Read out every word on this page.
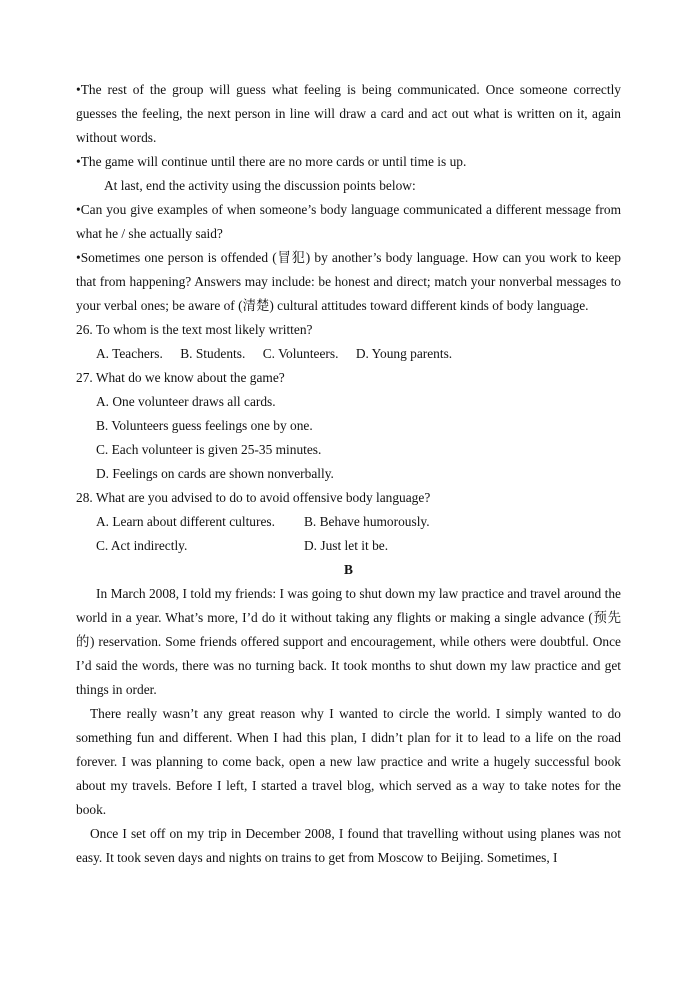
•The rest of the group will guess what feeling is being communicated. Once someone correctly guesses the feeling, the next person in line will draw a card and act out what is written on it, again without words.

•The game will continue until there are no more cards or until time is up.

At last, end the activity using the discussion points below:

•Can you give examples of when someone’s body language communicated a different message from what he / she actually said?

•Sometimes one person is offended (冒犯) by another’s body language. How can you work to keep that from happening? Answers may include: be honest and direct; match your nonverbal messages to your verbal ones; be aware of (清楚) cultural attitudes toward different kinds of body language.

26. To whom is the text most likely written?

A. Teachers. B. Students. C. Volunteers. D. Young parents.

27. What do we know about the game?

A. One volunteer draws all cards.

B. Volunteers guess feelings one by one.

C. Each volunteer is given 25-35 minutes.

D. Feelings on cards are shown nonverbally.

28. What are you advised to do to avoid offensive body language?

A. Learn about different cultures.	B. Behave humorously.
C. Act indirectly.	D. Just let it be.

B

In March 2008, I told my friends: I was going to shut down my law practice and travel around the world in a year. What’s more, I’d do it without taking any flights or making a single advance (预先的) reservation. Some friends offered support and encouragement, while others were doubtful. Once I’d said the words, there was no turning back. It took months to shut down my law practice and get things in order.

There really wasn’t any great reason why I wanted to circle the world. I simply wanted to do something fun and different. When I had this plan, I didn’t plan for it to lead to a life on the road forever. I was planning to come back, open a new law practice and write a hugely successful book about my travels. Before I left, I started a travel blog, which served as a way to take notes for the book.

Once I set off on my trip in December 2008, I found that travelling without using planes was not easy. It took seven days and nights on trains to get from Moscow to Beijing. Sometimes, I
